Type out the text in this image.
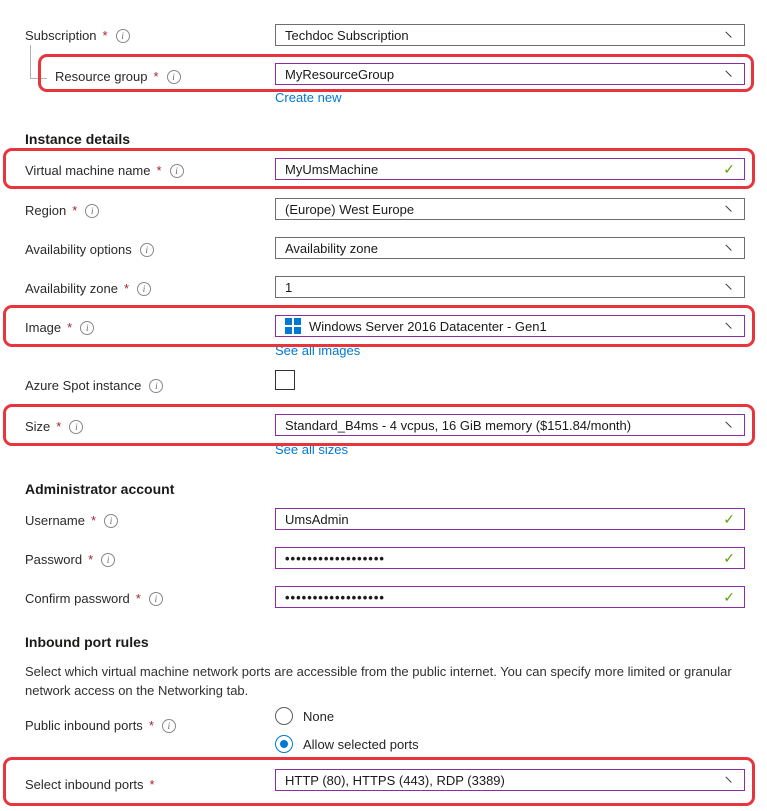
Subscription *	i	Techdoc Subscription
Resource group *	i	MyResourceGroup
Create new
Instance details
Virtual machine name *	i	MyUmsMachine	✓
Region *	i	(Europe) West Europe
Availability options	i	Availability zone
Availability zone *	i	1
Image *	i	Windows Server 2016 Datacenter - Gen1
See all images
Azure Spot instance	i
Size *	i	Standard_B4ms - 4 vcpus, 16 GiB memory ($151.84/month)
See all sizes
Administrator account
Username *	i	UmsAdmin	✓
Password *	i	••••••••••••••••••	✓
Confirm password *	i	••••••••••••••••••	✓
Inbound port rules
Select which virtual machine network ports are accessible from the public internet. You can specify more limited or granular network access on the Networking tab.
Public inbound ports *	i
None
Allow selected ports
Select inbound ports *	HTTP (80), HTTPS (443), RDP (3389)
